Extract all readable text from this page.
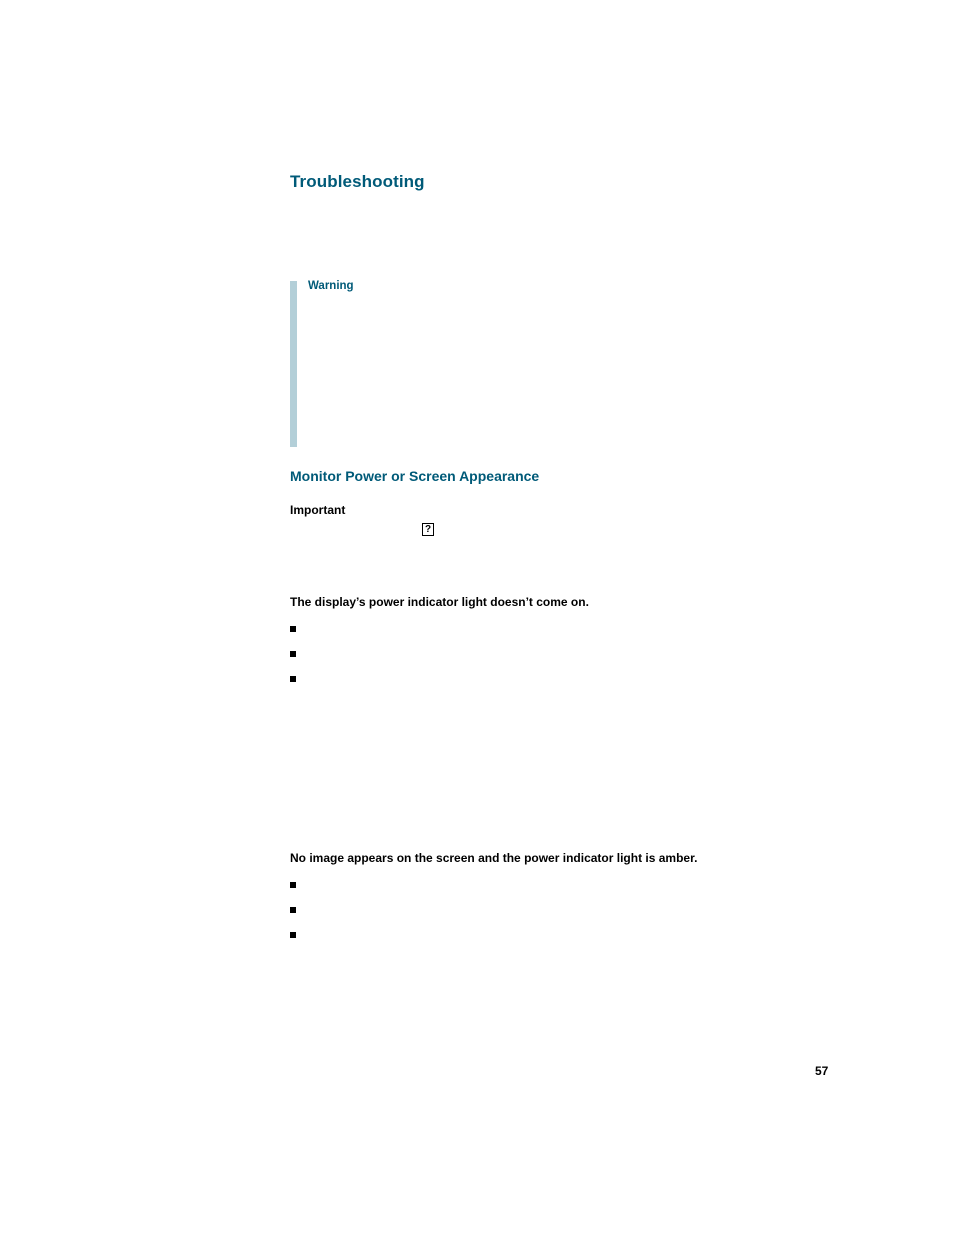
Troubleshooting
Warning
Monitor Power or Screen Appearance
Important
?
The display’s power indicator light doesn’t come on.
No image appears on the screen and the power indicator light is amber.
57
